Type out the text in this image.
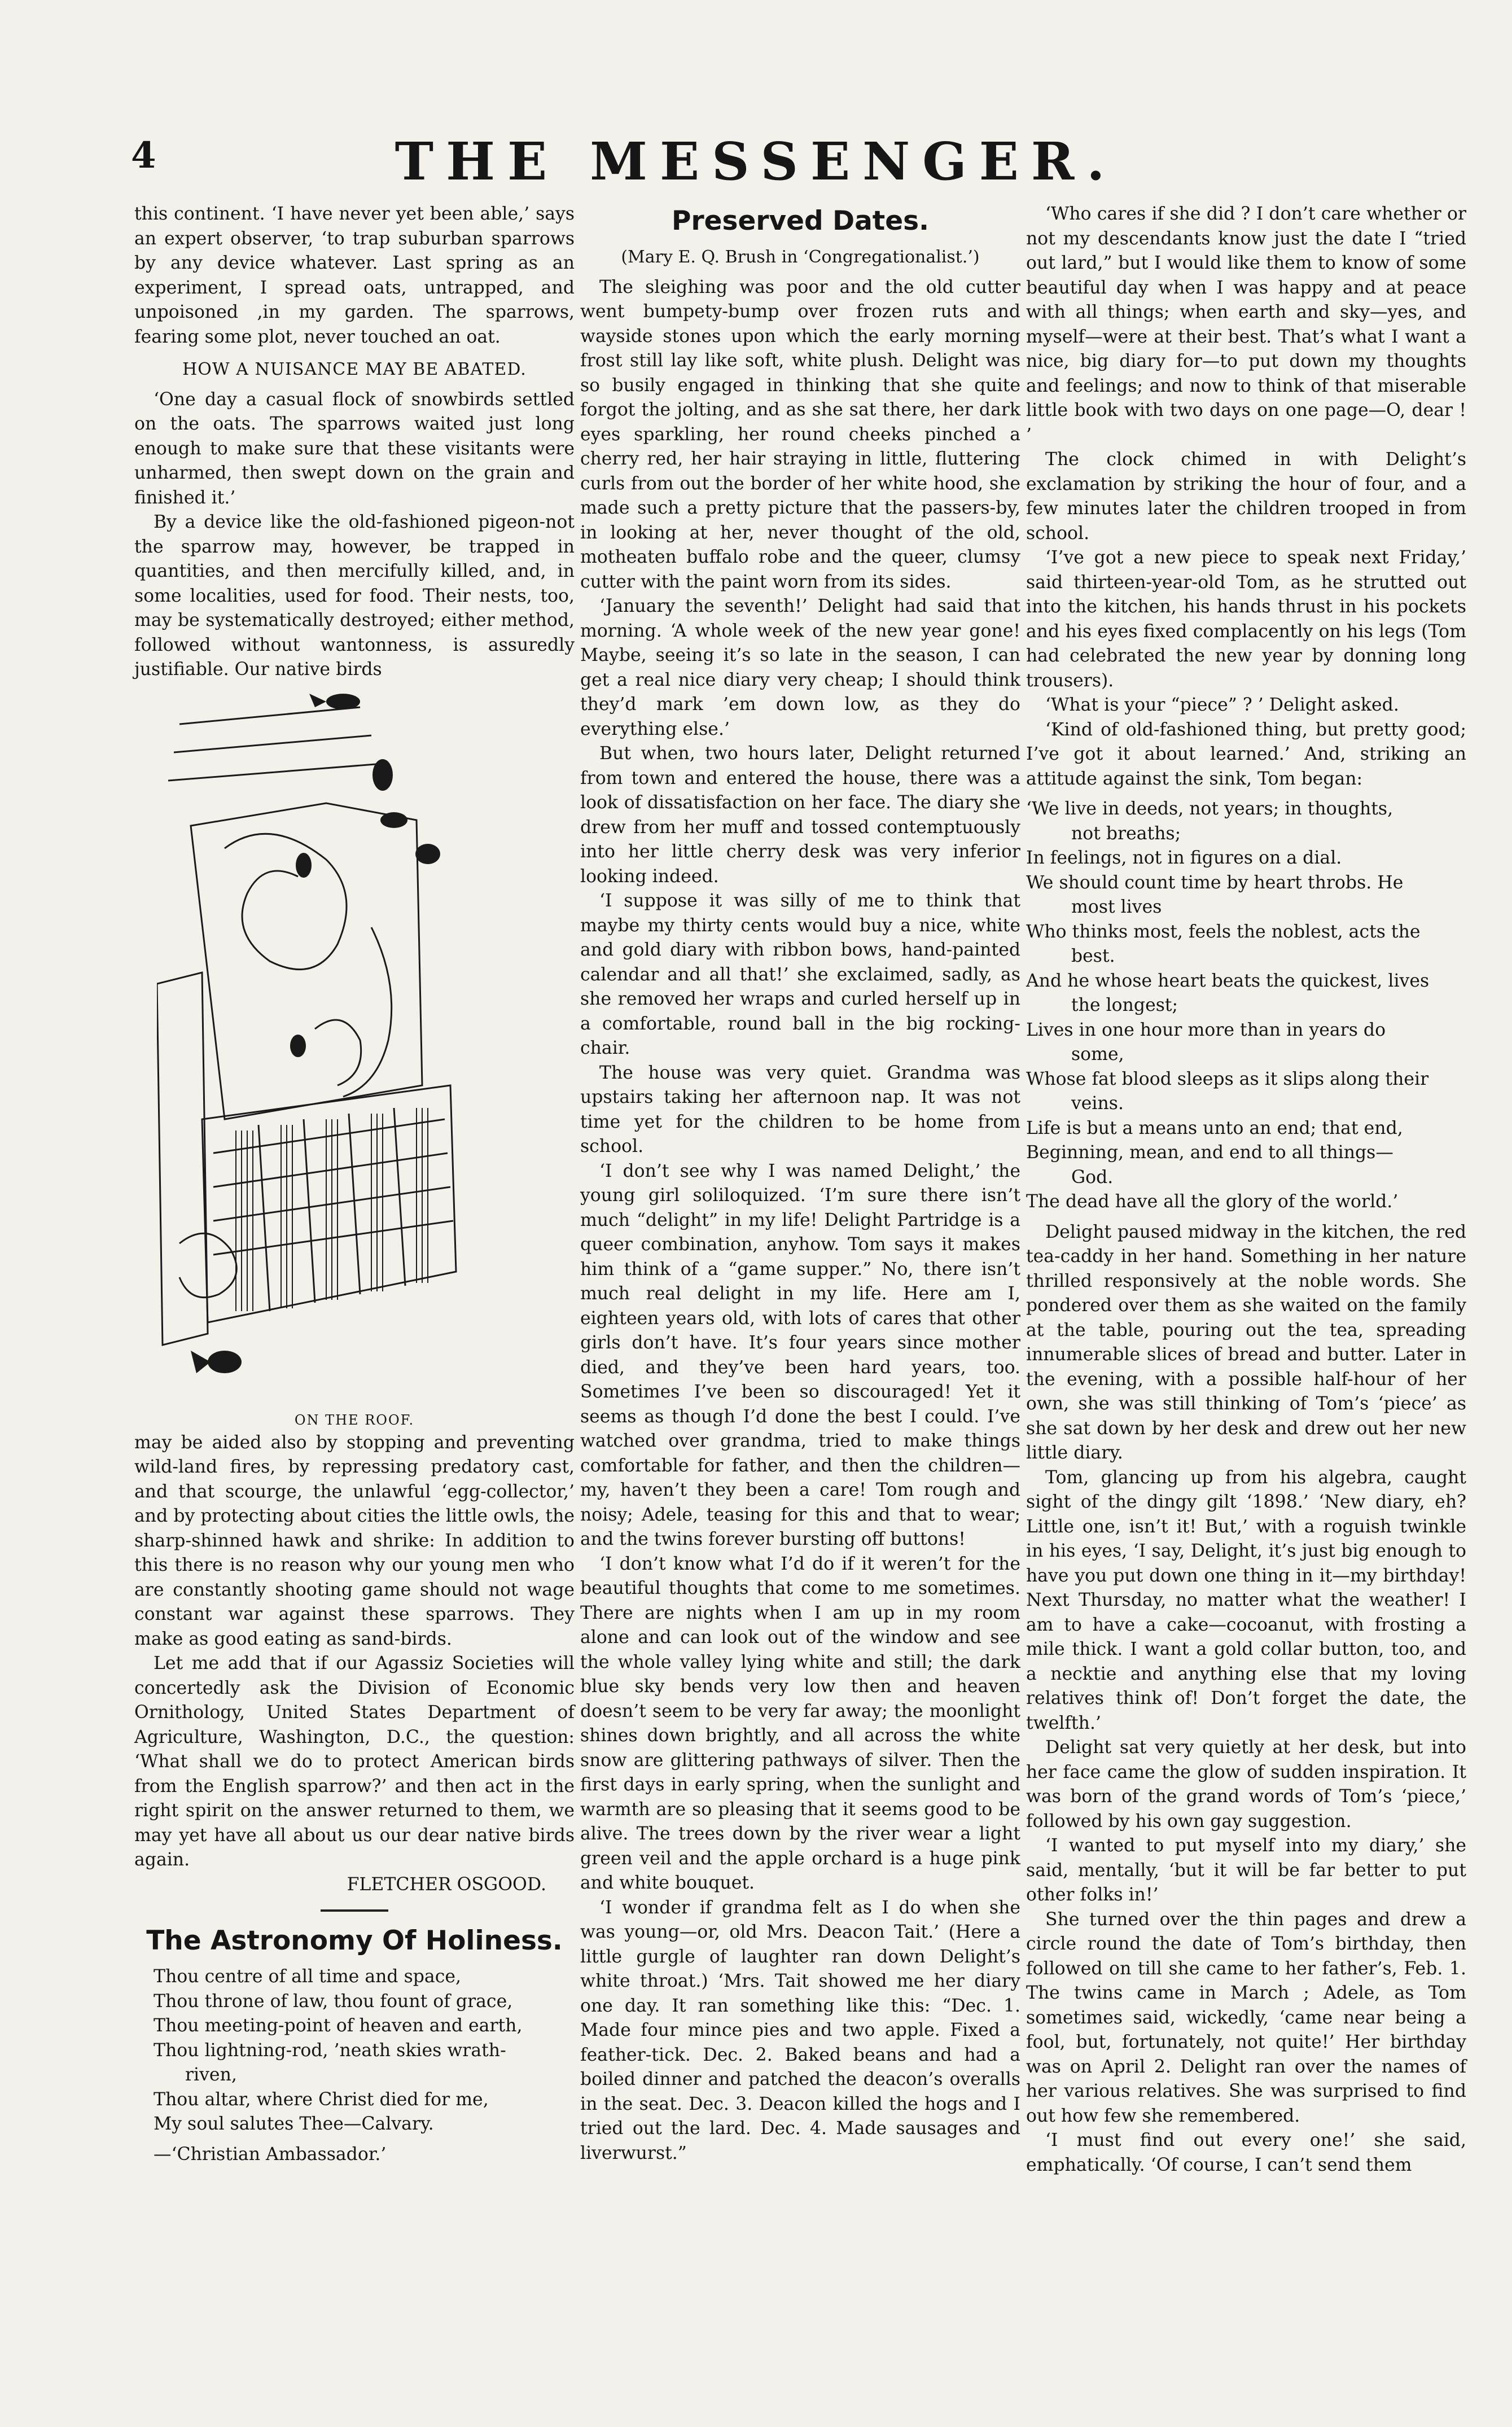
4	THE MESSENGER.

this continent. ‘I have never yet been able,’ says an expert observer, ‘to trap suburban sparrows by any device whatever. Last spring as an experiment, I spread oats, untrapped, and unpoisoned ,in my garden. The sparrows, fearing some plot, never touched an oat.

HOW A NUISANCE MAY BE ABATED.

‘One day a casual flock of snowbirds settled on the oats. The sparrows waited just long enough to make sure that these visitants were unharmed, then swept down on the grain and finished it.’

By a device like the old-fashioned pigeon-not the sparrow may, however, be trapped in quantities, and then mercifully killed, and, in some localities, used for food. Their nests, too, may be systematically destroyed; either method, followed without wantonness, is assuredly justifiable. Our native birds

ON THE ROOF.

may be aided also by stopping and preventing wild-land fires, by repressing predatory cast, and that scourge, the unlawful ‘egg-collector,’ and by protecting about cities the little owls, the sharp-shinned hawk and shrike: In addition to this there is no reason why our young men who are constantly shooting game should not wage constant war against these sparrows. They make as good eating as sand-birds.

Let me add that if our Agassiz Societies will concertedly ask the Division of Economic Ornithology, United States Department of Agriculture, Washington, D.C., the question: ‘What shall we do to protect American birds from the English sparrow?’ and then act in the right spirit on the answer returned to them, we may yet have all about us our dear native birds again.

FLETCHER OSGOOD.
The Astronomy Of Holiness.

Thou centre of all time and space,

Thou throne of law, thou fount of grace,

Thou meeting-point of heaven and earth,

Thou lightning-rod, ’neath skies wrath-

riven,

Thou altar, where Christ died for me,

My soul salutes Thee—Calvary.

—‘Christian Ambassador.’

Preserved Dates.
(Mary E. Q. Brush in ‘Congregationalist.’)

The sleighing was poor and the old cutter went bumpety-bump over frozen ruts and wayside stones upon which the early morning frost still lay like soft, white plush. Delight was so busily engaged in thinking that she quite forgot the jolting, and as she sat there, her dark eyes sparkling, her round cheeks pinched a cherry red, her hair straying in little, fluttering curls from out the border of her white hood, she made such a pretty picture that the passers-by, in looking at her, never thought of the old, motheaten buffalo robe and the queer, clumsy cutter with the paint worn from its sides.

‘January the seventh!’ Delight had said that morning. ‘A whole week of the new year gone! Maybe, seeing it’s so late in the season, I can get a real nice diary very cheap; I should think they’d mark ’em down low, as they do everything else.’

But when, two hours later, Delight returned from town and entered the house, there was a look of dissatisfaction on her face. The diary she drew from her muff and tossed contemptuously into her little cherry desk was very inferior looking indeed.

‘I suppose it was silly of me to think that maybe my thirty cents would buy a nice, white and gold diary with ribbon bows, hand-painted calendar and all that!’ she exclaimed, sadly, as she removed her wraps and curled herself up in a comfortable, round ball in the big rocking-chair.

The house was very quiet. Grandma was upstairs taking her afternoon nap. It was not time yet for the children to be home from school.

‘I don’t see why I was named Delight,’ the young girl soliloquized. ‘I’m sure there isn’t much “delight” in my life! Delight Partridge is a queer combination, anyhow. Tom says it makes him think of a “game supper.” No, there isn’t much real delight in my life. Here am I, eighteen years old, with lots of cares that other girls don’t have. It’s four years since mother died, and they’ve been hard years, too. Sometimes I’ve been so discouraged! Yet it seems as though I’d done the best I could. I’ve watched over grandma, tried to make things comfortable for father, and then the children—my, haven’t they been a care! Tom rough and noisy; Adele, teasing for this and that to wear; and the twins forever bursting off buttons!

‘I don’t know what I’d do if it weren’t for the beautiful thoughts that come to me sometimes. There are nights when I am up in my room alone and can look out of the window and see the whole valley lying white and still; the dark blue sky bends very low then and heaven doesn’t seem to be very far away; the moonlight shines down brightly, and all across the white snow are glittering pathways of silver. Then the first days in early spring, when the sunlight and warmth are so pleasing that it seems good to be alive. The trees down by the river wear a light green veil and the apple orchard is a huge pink and white bouquet.

‘I wonder if grandma felt as I do when she was young—or, old Mrs. Deacon Tait.’ (Here a little gurgle of laughter ran down Delight’s white throat.) ‘Mrs. Tait showed me her diary one day. It ran something like this: “Dec. 1. Made four mince pies and two apple. Fixed a feather-tick. Dec. 2. Baked beans and had a boiled dinner and patched the deacon’s overalls in the seat. Dec. 3. Deacon killed the hogs and I tried out the lard. Dec. 4. Made sausages and liverwurst.”

‘Who cares if she did ? I don’t care whether or not my descendants know just the date I “tried out lard,” but I would like them to know of some beautiful day when I was happy and at peace with all things; when earth and sky—yes, and myself—were at their best. That’s what I want a nice, big diary for—to put down my thoughts and feelings; and now to think of that miserable little book with two days on one page—O, dear ! ’

The clock chimed in with Delight’s exclamation by striking the hour of four, and a few minutes later the children trooped in from school.

‘I’ve got a new piece to speak next Friday,’ said thirteen-year-old Tom, as he strutted out into the kitchen, his hands thrust in his pockets and his eyes fixed complacently on his legs (Tom had celebrated the new year by donning long trousers).

‘What is your “piece” ? ’ Delight asked.

‘Kind of old-fashioned thing, but pretty good; I’ve got it about learned.’ And, striking an attitude against the sink, Tom began:

‘We live in deeds, not years; in thoughts,

not breaths;

In feelings, not in figures on a dial.

We should count time by heart throbs. He

most lives

Who thinks most, feels the noblest, acts the

best.

And he whose heart beats the quickest, lives

the longest;

Lives in one hour more than in years do

some,

Whose fat blood sleeps as it slips along their

veins.

Life is but a means unto an end; that end,

Beginning, mean, and end to all things—

God.

The dead have all the glory of the world.’

Delight paused midway in the kitchen, the red tea-caddy in her hand. Something in her nature thrilled responsively at the noble words. She pondered over them as she waited on the family at the table, pouring out the tea, spreading innumerable slices of bread and butter. Later in the evening, with a possible half-hour of her own, she was still thinking of Tom’s ‘piece’ as she sat down by her desk and drew out her new little diary.

Tom, glancing up from his algebra, caught sight of the dingy gilt ‘1898.’ ‘New diary, eh? Little one, isn’t it! But,’ with a roguish twinkle in his eyes, ‘I say, Delight, it’s just big enough to have you put down one thing in it—my birthday! Next Thursday, no matter what the weather! I am to have a cake—cocoanut, with frosting a mile thick. I want a gold collar button, too, and a necktie and anything else that my loving relatives think of! Don’t forget the date, the twelfth.’

Delight sat very quietly at her desk, but into her face came the glow of sudden inspiration. It was born of the grand words of Tom’s ‘piece,’ followed by his own gay suggestion.

‘I wanted to put myself into my diary,’ she said, mentally, ‘but it will be far better to put other folks in!’

She turned over the thin pages and drew a circle round the date of Tom’s birthday, then followed on till she came to her father’s, Feb. 1. The twins came in March ; Adele, as Tom sometimes said, wickedly, ‘came near being a fool, but, fortunately, not quite!’ Her birthday was on April 2. Delight ran over the names of her various relatives. She was surprised to find out how few she remembered.

‘I must find out every one!’ she said, emphatically. ‘Of course, I can’t send them
